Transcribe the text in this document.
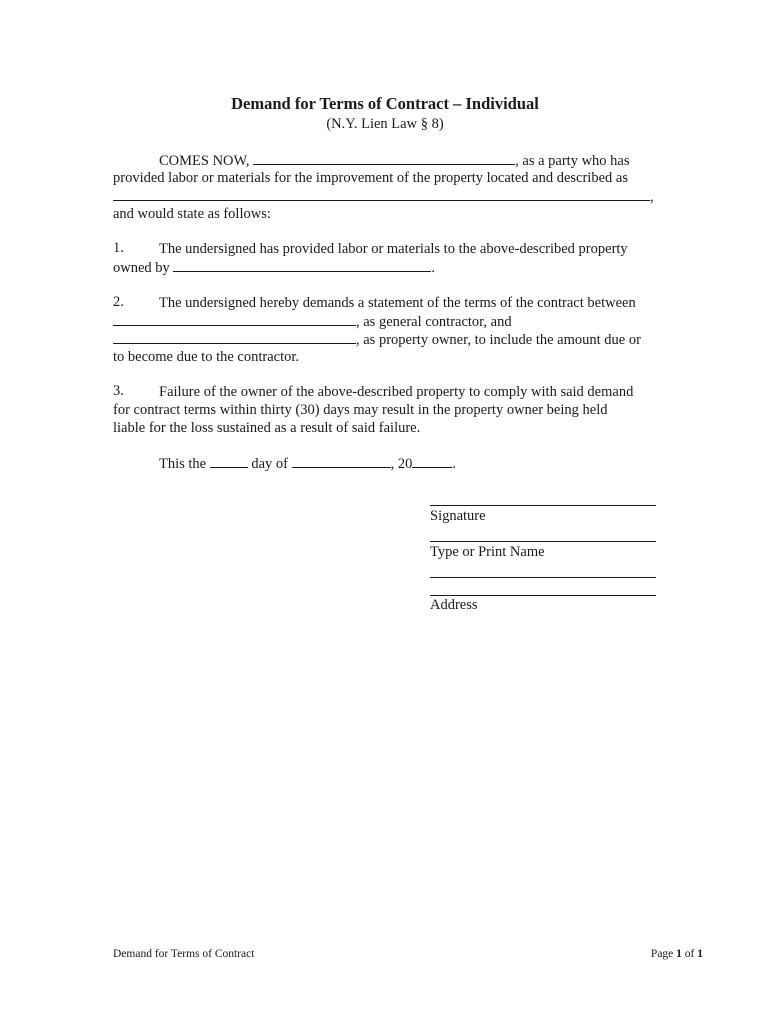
Demand for Terms of Contract – Individual
(N.Y. Lien Law § 8)
COMES NOW,	, as a party who has
provided labor or materials for the improvement of the property located and described as
,
and would state as follows:
1. The undersigned has provided labor or materials to the above-described property
owned by	.
2. The undersigned hereby demands a statement of the terms of the contract between
, as general contractor, and
, as property owner, to include the amount due or
to become due to the contractor.
3. Failure of the owner of the above-described property to comply with said demand
for contract terms within thirty (30) days may result in the property owner being held
liable for the loss sustained as a result of said failure.
This the	day of	, 20	.
Signature
Type or Print Name
Address
Demand for Terms of Contract	Page 1 of 1
